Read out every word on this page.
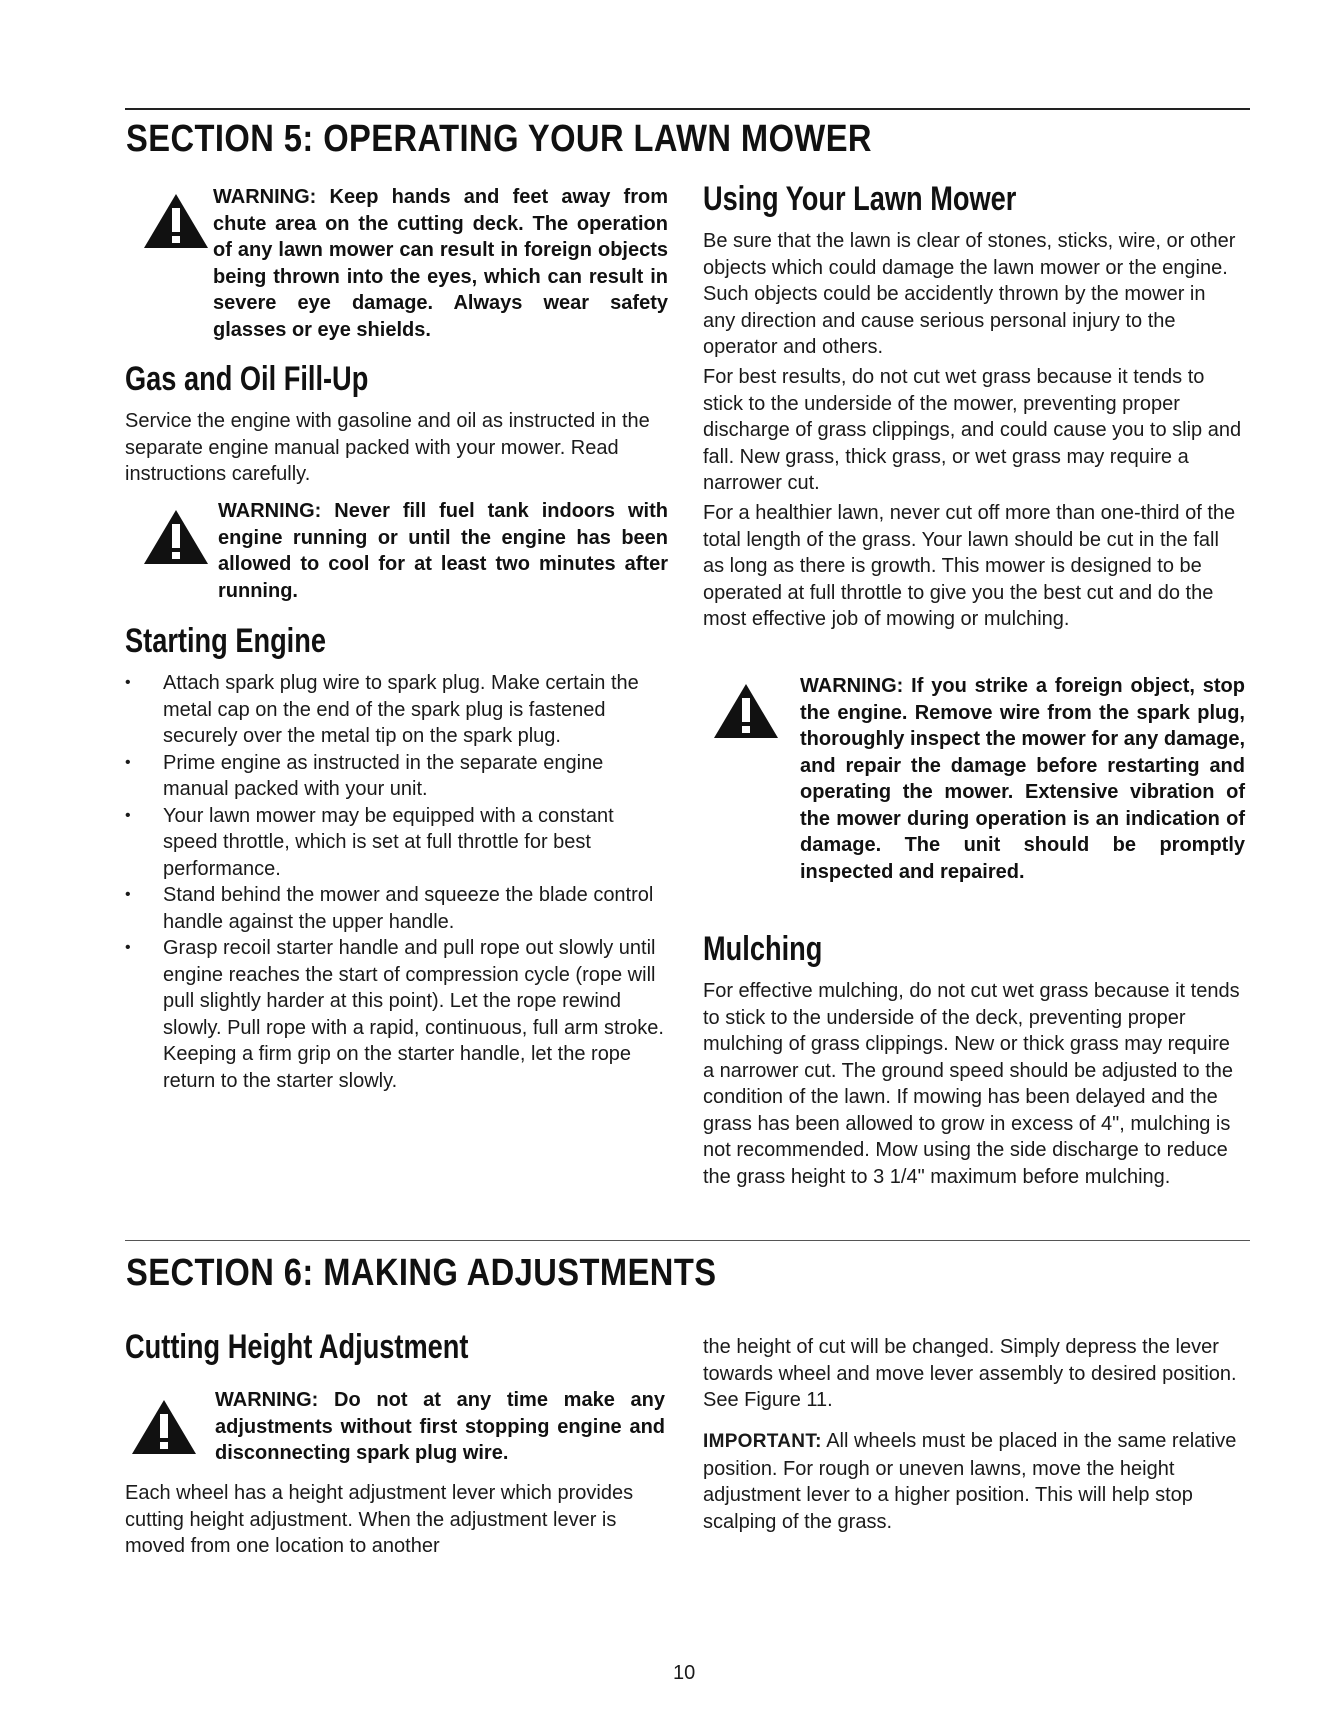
SECTION 5: OPERATING YOUR LAWN MOWER
WARNING: Keep hands and feet away from chute area on the cutting deck. The operation of any lawn mower can result in foreign objects being thrown into the eyes, which can result in severe eye damage. Always wear safety glasses or eye shields.
Gas and Oil Fill-Up

Service the engine with gasoline and oil as instructed in the separate engine manual packed with your mower. Read instructions carefully.

WARNING: Never fill fuel tank indoors with engine running or until the engine has been allowed to cool for at least two minutes after running.
Starting Engine
• Attach spark plug wire to spark plug. Make certain the metal cap on the end of the spark plug is fastened securely over the metal tip on the spark plug.
• Prime engine as instructed in the separate engine manual packed with your unit.
• Your lawn mower may be equipped with a constant speed throttle, which is set at full throttle for best performance.
• Stand behind the mower and squeeze the blade control handle against the upper handle.
• Grasp recoil starter handle and pull rope out slowly until engine reaches the start of compression cycle (rope will pull slightly harder at this point). Let the rope rewind slowly. Pull rope with a rapid, continuous, full arm stroke. Keeping a firm grip on the starter handle, let the rope return to the starter slowly.
Using Your Lawn Mower

Be sure that the lawn is clear of stones, sticks, wire, or other objects which could damage the lawn mower or the engine. Such objects could be accidently thrown by the mower in any direction and cause serious personal injury to the operator and others.

For best results, do not cut wet grass because it tends to stick to the underside of the mower, preventing proper discharge of grass clippings, and could cause you to slip and fall. New grass, thick grass, or wet grass may require a narrower cut.

For a healthier lawn, never cut off more than one-third of the total length of the grass. Your lawn should be cut in the fall as long as there is growth. This mower is designed to be operated at full throttle to give you the best cut and do the most effective job of mowing or mulching.

WARNING: If you strike a foreign object, stop the engine. Remove wire from the spark plug, thoroughly inspect the mower for any damage, and repair the damage before restarting and operating the mower. Extensive vibration of the mower during operation is an indication of damage. The unit should be promptly inspected and repaired.
Mulching

For effective mulching, do not cut wet grass because it tends to stick to the underside of the deck, preventing proper mulching of grass clippings. New or thick grass may require a narrower cut. The ground speed should be adjusted to the condition of the lawn. If mowing has been delayed and the grass has been allowed to grow in excess of 4", mulching is not recommended. Mow using the side discharge to reduce the grass height to 3 1/4" maximum before mulching.

SECTION 6: MAKING ADJUSTMENTS
Cutting Height Adjustment
WARNING: Do not at any time make any adjustments without first stopping engine and disconnecting spark plug wire.

Each wheel has a height adjustment lever which provides cutting height adjustment. When the adjustment lever is moved from one location to another

the height of cut will be changed. Simply depress the lever towards wheel and move lever assembly to desired position. See Figure 11.

IMPORTANT: All wheels must be placed in the same relative position. For rough or uneven lawns, move the height adjustment lever to a higher position. This will help stop scalping of the grass.

10
